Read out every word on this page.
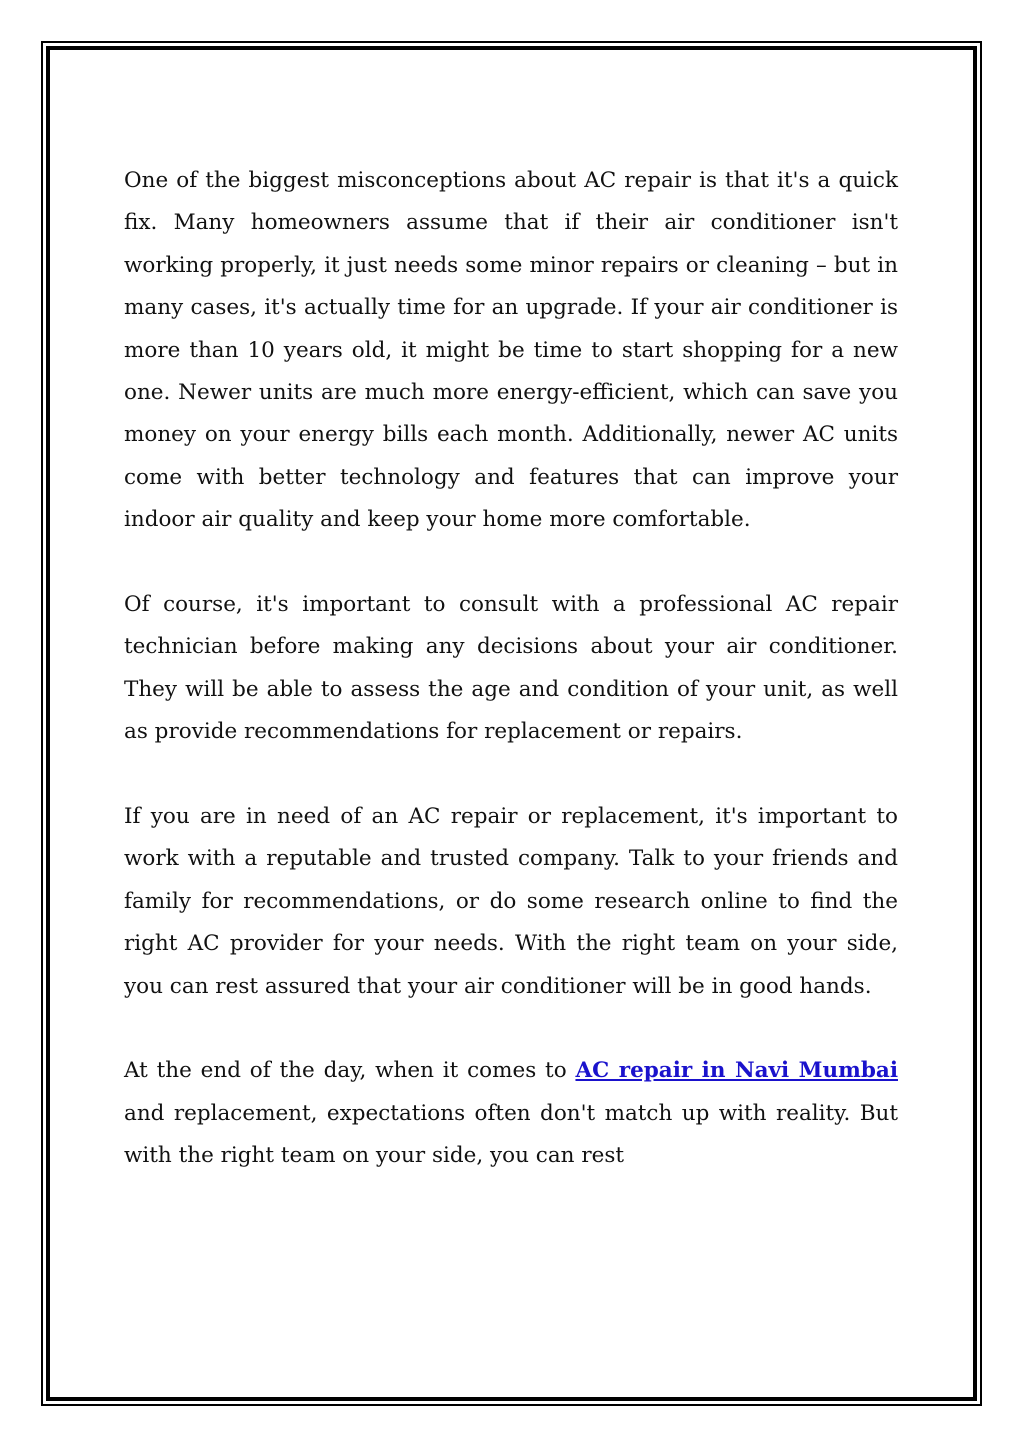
One of the biggest misconceptions about AC repair is that it's a quick fix. Many homeowners assume that if their air conditioner isn't working properly, it just needs some minor repairs or cleaning – but in many cases, it's actually time for an upgrade. If your air conditioner is more than 10 years old, it might be time to start shopping for a new one. Newer units are much more energy-efficient, which can save you money on your energy bills each month. Additionally, newer AC units come with better technology and features that can improve your indoor air quality and keep your home more comfortable.

Of course, it's important to consult with a professional AC repair technician before making any decisions about your air conditioner. They will be able to assess the age and condition of your unit, as well as provide recommendations for replacement or repairs.

If you are in need of an AC repair or replacement, it's important to work with a reputable and trusted company. Talk to your friends and family for recommendations, or do some research online to find the right AC provider for your needs. With the right team on your side, you can rest assured that your air conditioner will be in good hands.

At the end of the day, when it comes to AC repair in Navi Mumbai and replacement, expectations often don't match up with reality. But with the right team on your side, you can rest
